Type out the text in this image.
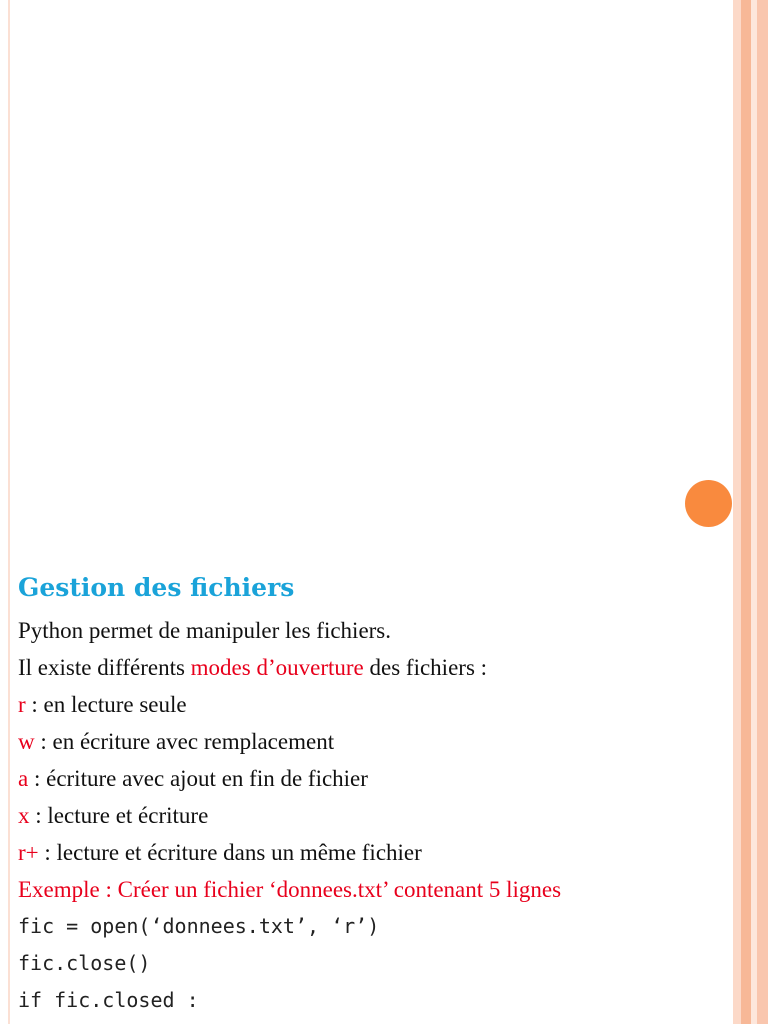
Gestion des fichiers
Python permet de manipuler les fichiers.
Il existe différents modes d’ouverture des fichiers :
r : en lecture seule
w : en écriture avec remplacement
a : écriture avec ajout en fin de fichier
x : lecture et écriture
r+ : lecture et écriture dans un même fichier
Exemple : Créer un fichier ‘donnees.txt’ contenant 5 lignes
fic = open(‘donnees.txt’, ‘r’)
fic.close()
if fic.closed :
